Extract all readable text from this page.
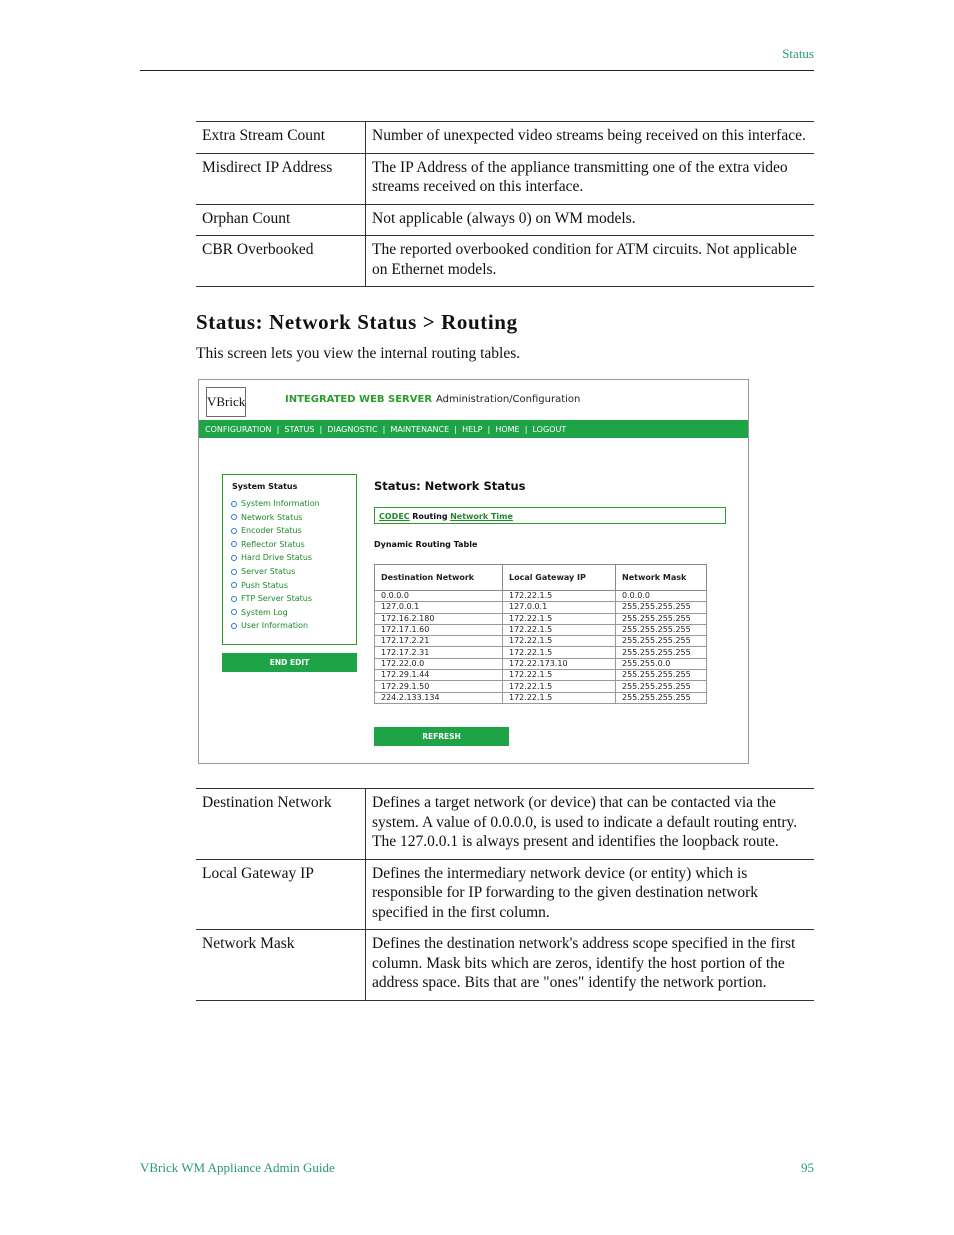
Status
Extra Stream Count	Number of unexpected video streams being received on this interface.
Misdirect IP Address	The IP Address of the appliance transmitting one of the extra video streams received on this interface.
Orphan Count	Not applicable (always 0) on WM models.
CBR Overbooked	The reported overbooked condition for ATM circuits. Not applicable on Ethernet models.
Status: Network Status > Routing

This screen lets you view the internal routing tables.

VBrick	INTEGRATED WEB SERVER Administration/Configuration
CONFIGURATION
|
STATUS
|
DIAGNOSTIC
|
MAINTENANCE
|
HELP
|
HOME
|
LOGOUT
System Status
System Information
Network Status
Encoder Status
Reflector Status
Hard Drive Status
Server Status
Push Status
FTP Server Status
System Log
User Information
END EDIT
Status: Network Status
CODEC Routing Network Time
Dynamic Routing Table
Destination Network	Local Gateway IP	Network Mask
0.0.0.0	172.22.1.5	0.0.0.0
127.0.0.1	127.0.0.1	255.255.255.255
172.16.2.180	172.22.1.5	255.255.255.255
172.17.1.60	172.22.1.5	255.255.255.255
172.17.2.21	172.22.1.5	255.255.255.255
172.17.2.31	172.22.1.5	255.255.255.255
172.22.0.0	172.22.173.10	255.255.0.0
172.29.1.44	172.22.1.5	255.255.255.255
172.29.1.50	172.22.1.5	255.255.255.255
224.2.133.134	172.22.1.5	255.255.255.255
REFRESH
Destination Network	Defines a target network (or device) that can be contacted via the system. A value of 0.0.0.0, is used to indicate a default routing entry. The 127.0.0.1 is always present and identifies the loopback route.
Local Gateway IP	Defines the intermediary network device (or entity) which is responsible for IP forwarding to the given destination network specified in the first column.
Network Mask	Defines the destination network's address scope specified in the first column. Mask bits which are zeros, identify the host portion of the address space. Bits that are "ones" identify the network portion.
VBrick WM Appliance Admin Guide	95
